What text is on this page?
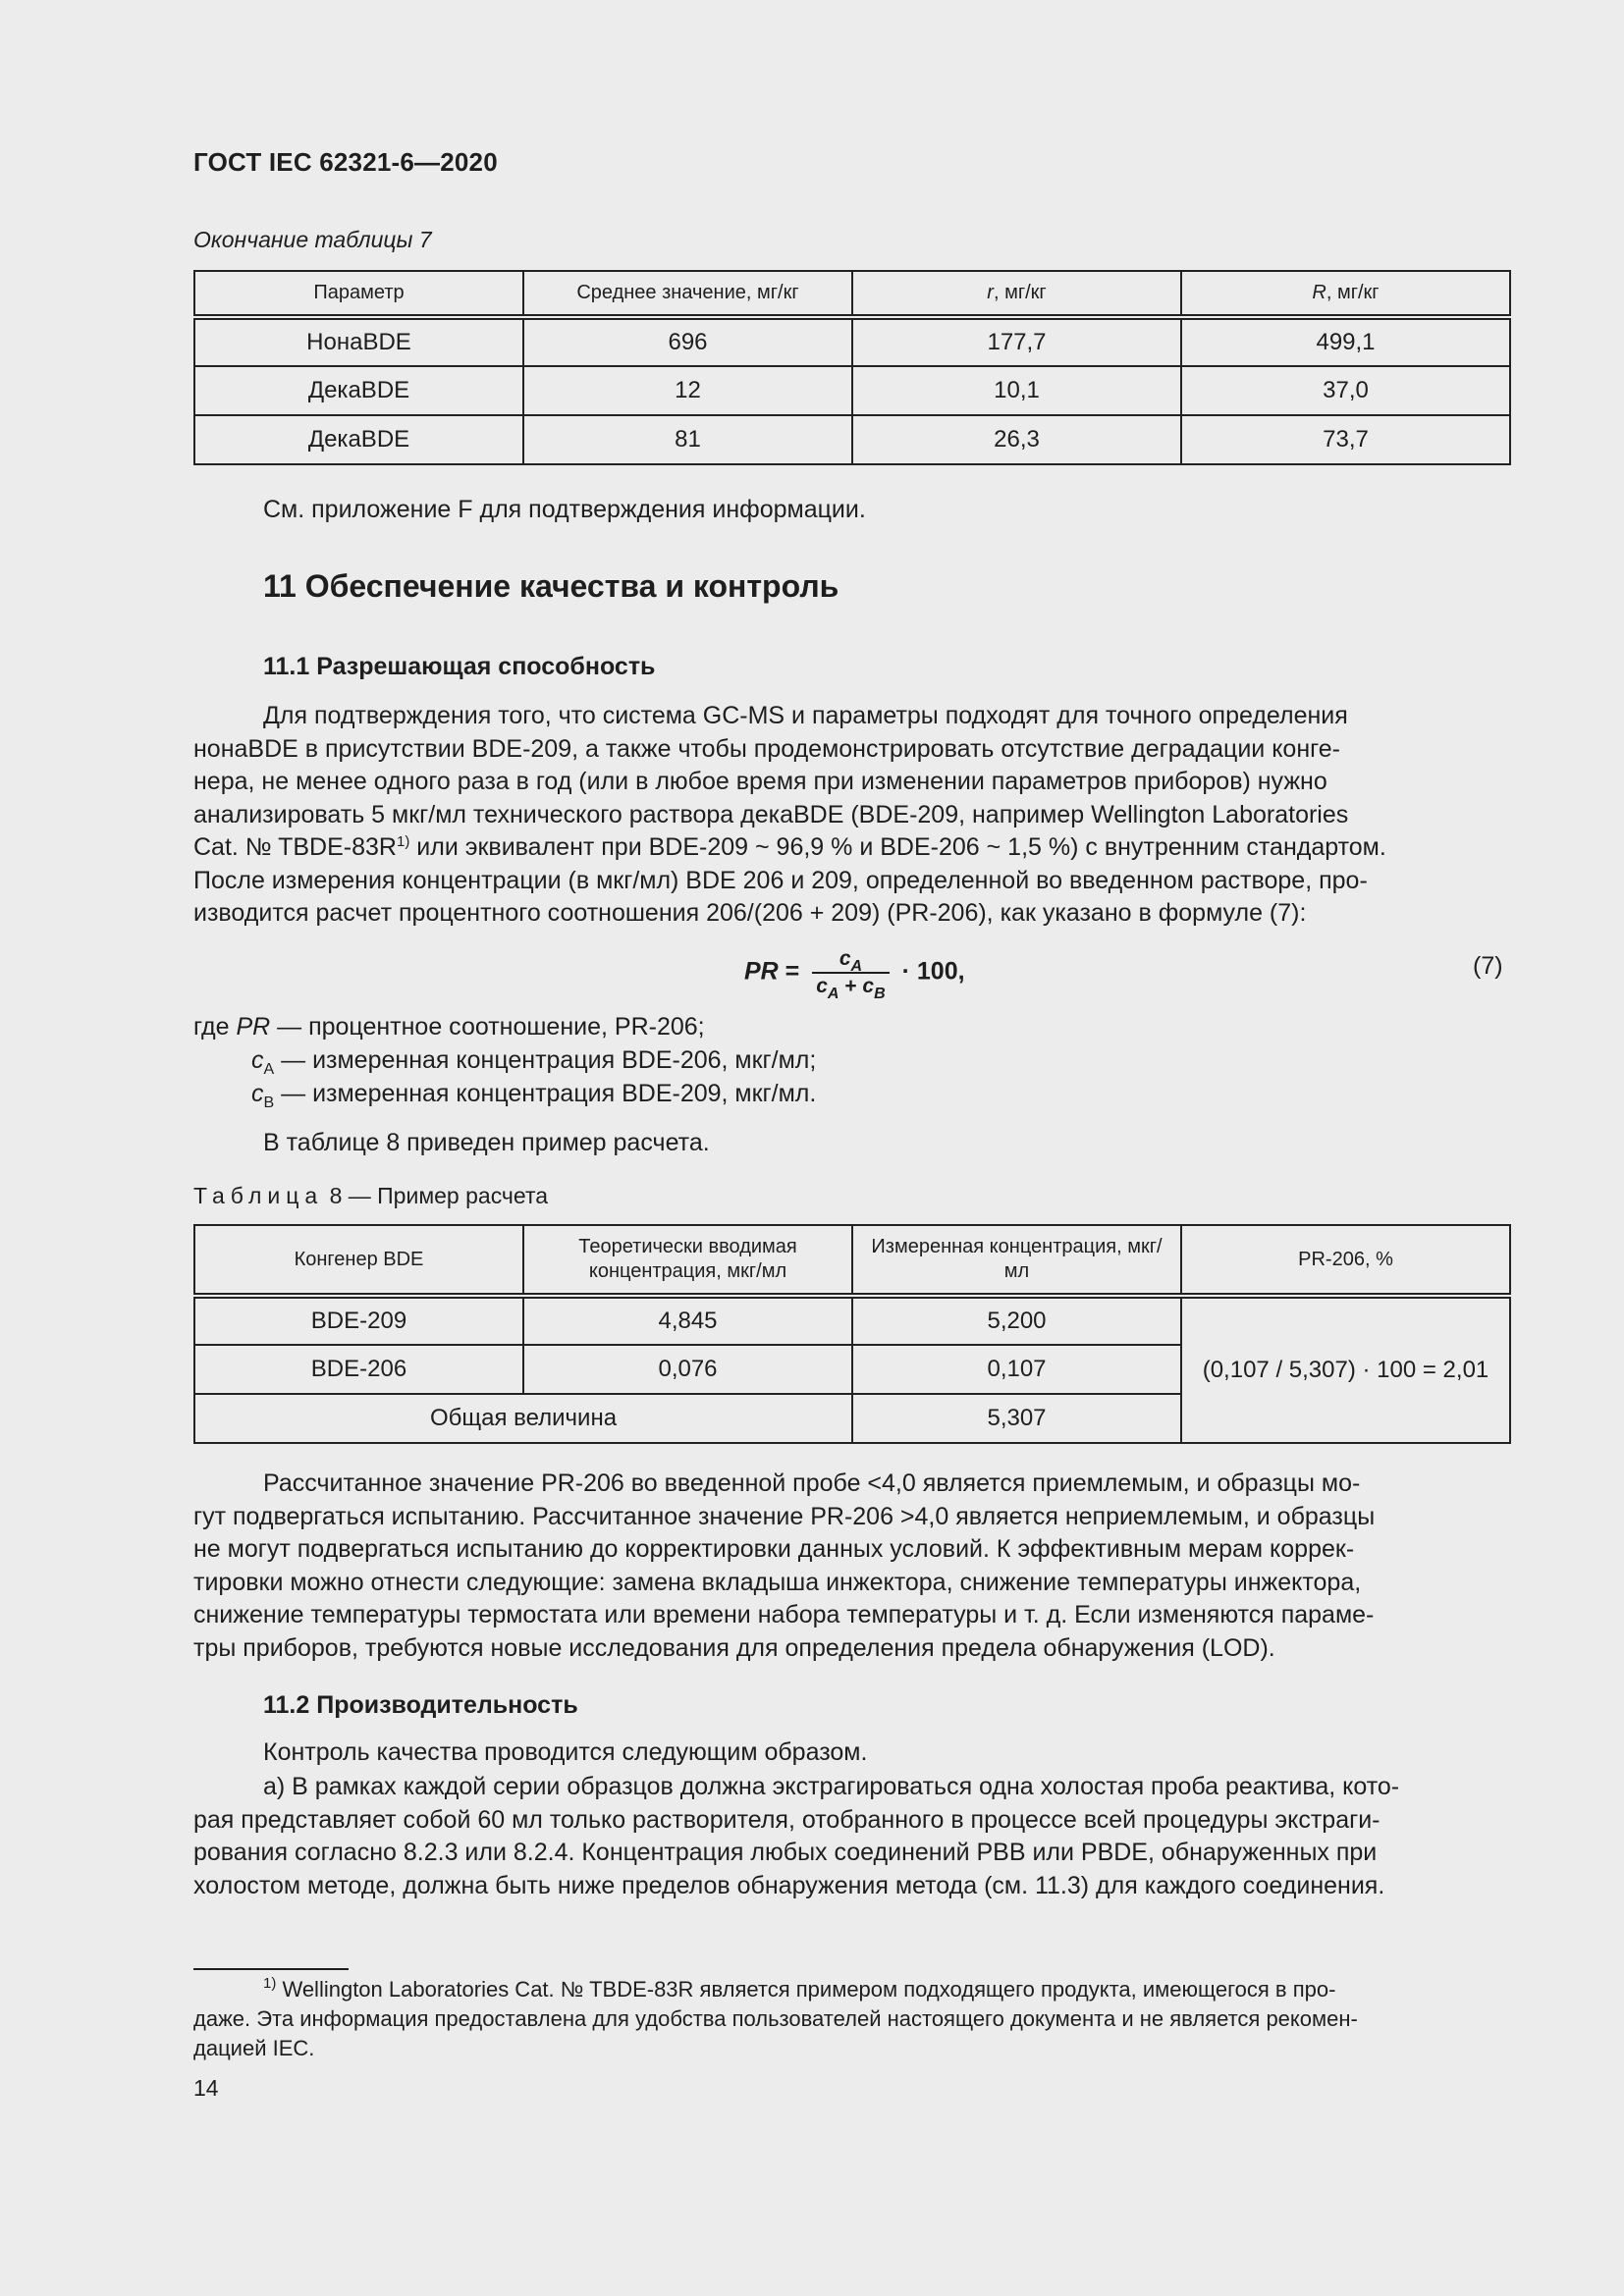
ГОСТ IEC 62321-6—2020
Окончание таблицы 7
Параметр	Среднее значение, мг/кг	r, мг/кг	R, мг/кг
НонаBDE	696	177,7	499,1
ДекаBDE	12	10,1	37,0
ДекаBDE	81	26,3	73,7
См. приложение F для подтверждения информации.
11 Обеспечение качества и контроль
11.1 Разрешающая способность
Для подтверждения того, что система GC-MS и параметры подходят для точного определения
нонаBDE в присутствии BDE-209, а также чтобы продемонстрировать отсутствие деградации конге-
нера, не менее одного раза в год (или в любое время при изменении параметров приборов) нужно
анализировать 5 мкг/мл технического раствора декаBDE (BDE-209, например Wellington Laboratories
Cat. № TBDE-$83R^{1)}$ или эквивалент при BDE-209 ~ 96,9 % и BDE-206 ~ 1,5 %) с внутренним стандартом.
После измерения концентрации (в мкг/мл) BDE 206 и 209, определенной во введенном растворе, про-
изводится расчет процентного соотношения 206/(206 + 209) (PR-206), как указано в формуле (7):
PR = $\frac{c_A}{c_A + c_B} \cdot 100$,	(7)
где PR — процентное соотношение, PR-206;
$c_A$ — измеренная концентрация BDE-206, мкг/мл;
$c_B$ — измеренная концентрация BDE-209, мкг/мл.
В таблице 8 приведен пример расчета.
Таблица 8 — Пример расчета
Конгенер BDE	Теоретически вводимая концентрация, мкг/мл	Измеренная концентрация, мкг/мл	PR-206, %
BDE-209	4,845	5,200	(0,107 / 5,307) · 100 = 2,01
BDE-206	0,076	0,107	
Общая величина		5,307	
Рассчитанное значение PR-206 во введенной пробе <4,0 является приемлемым, и образцы мо-
гут подвергаться испытанию. Рассчитанное значение PR-206 >4,0 является неприемлемым, и образцы
не могут подвергаться испытанию до корректировки данных условий. К эффективным мерам коррек-
тировки можно отнести следующие: замена вкладыша инжектора, снижение температуры инжектора,
снижение температуры термостата или времени набора температуры и т. д. Если изменяются параме-
тры приборов, требуются новые исследования для определения предела обнаружения (LOD).
11.2 Производительность
Контроль качества проводится следующим образом.
а) В рамках каждой серии образцов должна экстрагироваться одна холостая проба реактива, кото-
рая представляет собой 60 мл только растворителя, отобранного в процессе всей процедуры экстраги-
рования согласно 8.2.3 или 8.2.4. Концентрация любых соединений PBB или PBDE, обнаруженных при
холостом методе, должна быть ниже пределов обнаружения метода (см. 11.3) для каждого соединения.
$^{1)}$ Wellington Laboratories Cat. № TBDE-83R является примером подходящего продукта, имеющегося в про-
даже. Эта информация предоставлена для удобства пользователей настоящего документа и не является рекомен-
дацией IEC.
14
